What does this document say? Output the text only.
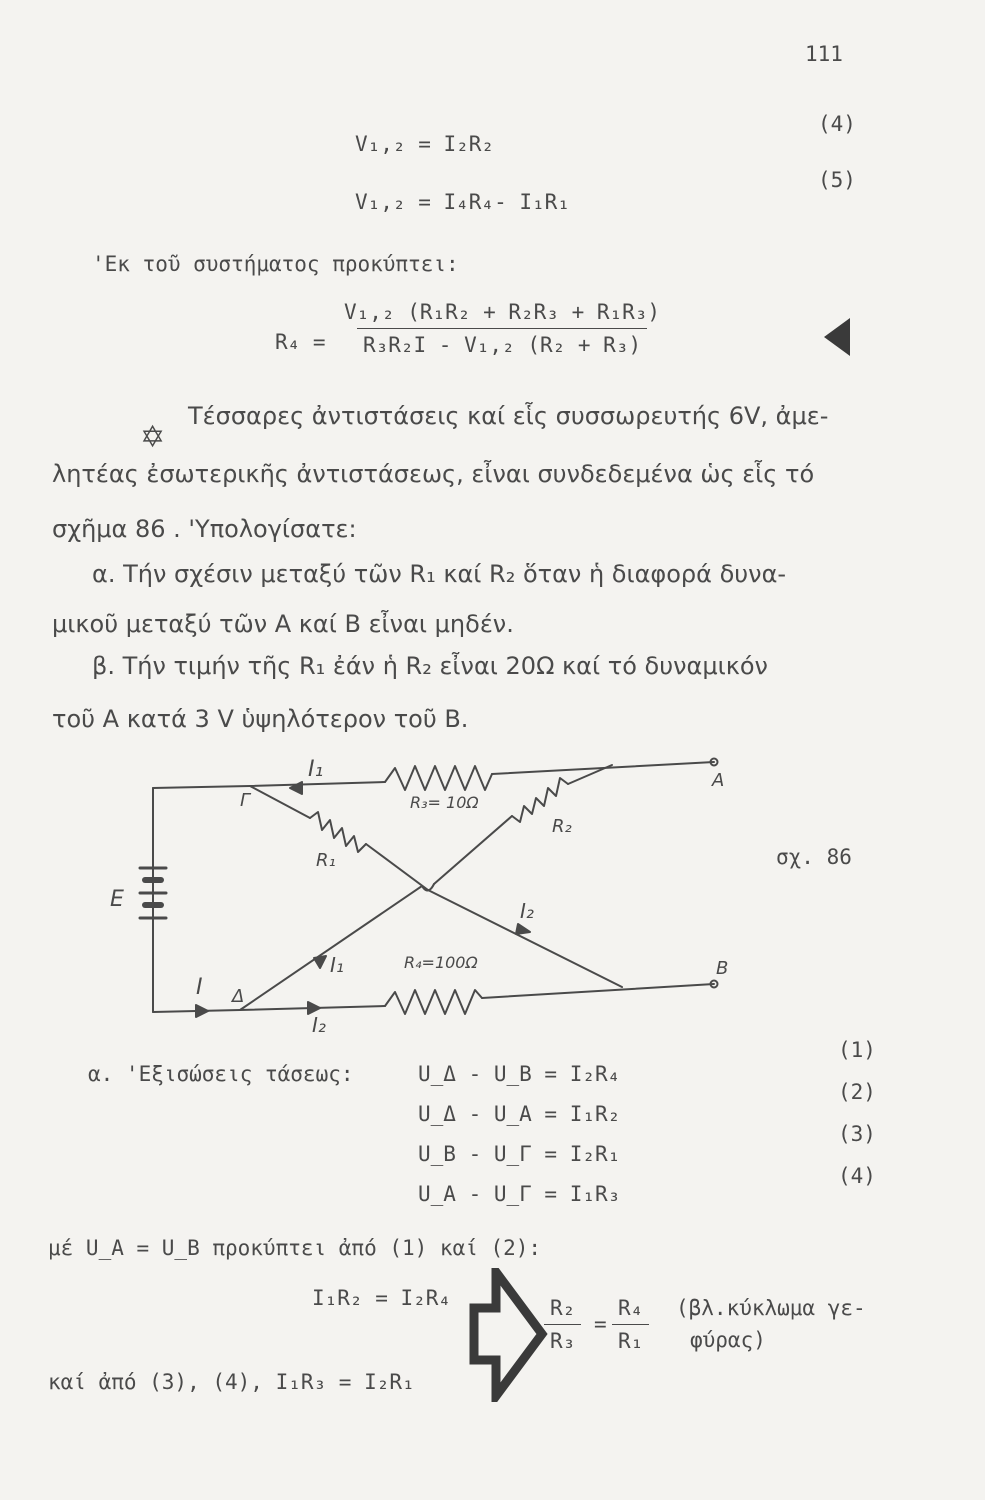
111
V₁,₂ = I₂R₂
(4)
V₁,₂ = I₄R₄- I₁R₁
(5)
'Eκ τοῦ συστήματος προκύπτει:
$R_4 = \frac{\text{V₁,₂ (R₁R₂ + R₂R₃ + R₁R₃)}}{\text{R₃R₂I - V₁,₂ (R₂ + R₃)}}$
✡
Τέσσαρες ἀντιστάσεις καί εἷς συσσωρευτής 6V, ἀμε-
λητέας ἐσωτερικῆς ἀντιστάσεως, εἶναι συνδεδεμένα ὡς εἷς τό
σχῆμα 86 . 'Υπολογίσατε:
α. Τήν σχέσιν μεταξύ τῶν R₁ καί R₂ ὅταν ἡ διαφορά δυνα-
μικοῦ μεταξύ τῶν A καί B εἶναι μηδέν.
β. Τήν τιμήν τῆς R₁ ἐάν ἡ R₂ εἶναι 20Ω καί τό δυναμικόν
τοῦ A κατά 3 V ὑψηλότερον τοῦ B.
I₁
I₁
I₂
I₂
I
A
B
E
Γ
Δ
R₁
R₂
R₃= 10Ω
R₄=100Ω
σχ. 86
α. 'Εξισώσεις τάσεως:	U_Δ - U_B = I₂R₄
(1)
U_Δ - U_A = I₁R₂
(2)
U_B - U_Γ = I₂R₁
(3)
U_A - U_Γ = I₁R₃
(4)
μέ U_A = U_B προκύπτει ἀπό (1) καί (2):
I₁R₂ = I₂R₄
καί ἀπό (3), (4), I₁R₃ = I₂R₁
$\frac{\text{R₂}}{\text{R₃}} = \frac{\text{R₄}}{\text{R₁}} (\beta\lambda.\kappa ύ\kappa\lambda\omega\mu\alpha$ γε-
φύρας)
